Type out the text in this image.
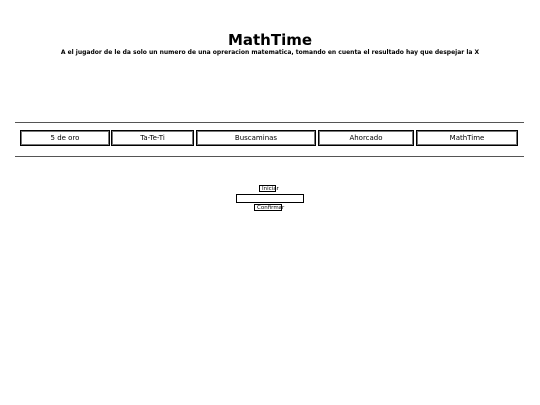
MathTime

A el jugador de le da solo un numero de una opreracion matematica, tomando en cuenta el resultado hay que despejar la X

5 de oro	Ta-Te-Ti	Buscaminas	Ahorcado	MathTime
Iniciar
Confirmar
